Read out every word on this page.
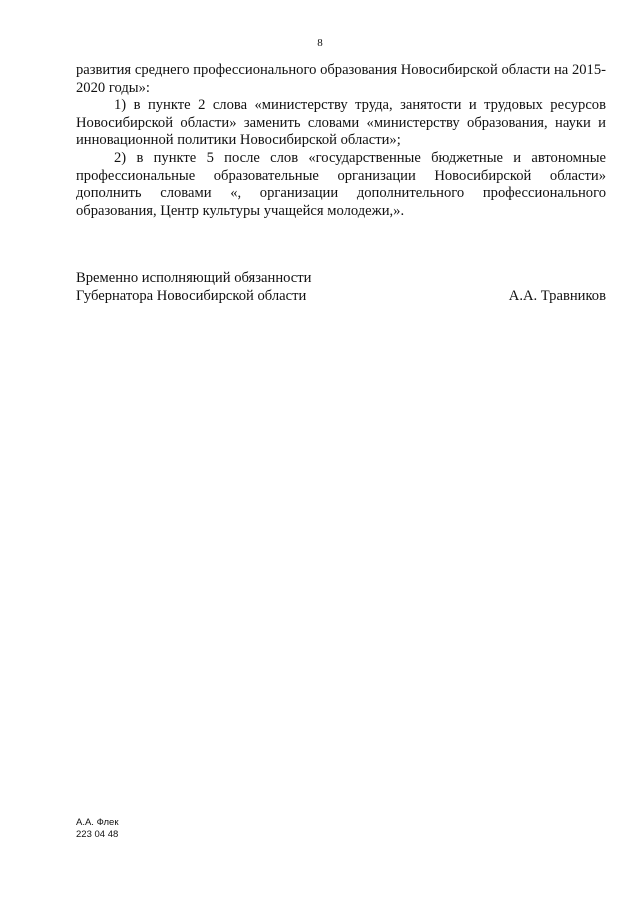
8

развития среднего профессионального образования Новосибирской области на 2015-2020 годы»:

1) в пункте 2 слова «министерству труда, занятости и трудовых ресурсов Новосибирской области» заменить словами «министерству образования, науки и инновационной политики Новосибирской области»;

2) в пункте 5 после слов «государственные бюджетные и автономные профессиональные образовательные организации Новосибирской области» дополнить словами «, организации дополнительного профессионального образования, Центр культуры учащейся молодежи,».

Временно исполняющий обязанности
Губернатора Новосибирской области	А.А. Травников
А.А. Флек
223 04 48
